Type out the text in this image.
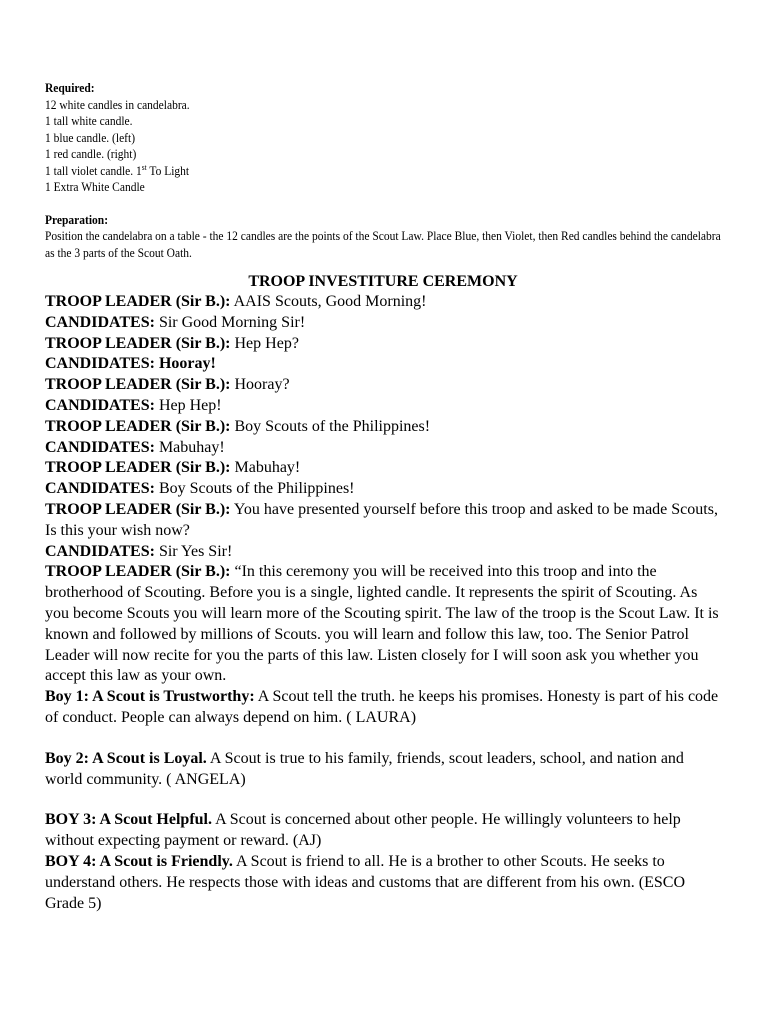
Required:
12 white candles in candelabra.
1 tall white candle.
1 blue candle. (left)
1 red candle. (right)
1 tall violet candle. 1st To Light
1 Extra White Candle
Preparation:
Position the candelabra on a table - the 12 candles are the points of the Scout Law. Place Blue, then Violet, then Red candles behind the candelabra as the 3 parts of the Scout Oath.
TROOP INVESTITURE CEREMONY

TROOP LEADER (Sir B.): AAIS Scouts, Good Morning!

CANDIDATES: Sir Good Morning Sir!

TROOP LEADER (Sir B.): Hep Hep?

CANDIDATES: Hooray!

TROOP LEADER (Sir B.): Hooray?

CANDIDATES: Hep Hep!

TROOP LEADER (Sir B.): Boy Scouts of the Philippines!

CANDIDATES: Mabuhay!

TROOP LEADER (Sir B.): Mabuhay!

CANDIDATES: Boy Scouts of the Philippines!

TROOP LEADER (Sir B.): You have presented yourself before this troop and asked to be made Scouts, Is this your wish now?

CANDIDATES: Sir Yes Sir!

TROOP LEADER (Sir B.): “In this ceremony you will be received into this troop and into the brotherhood of Scouting. Before you is a single, lighted candle. It represents the spirit of Scouting. As you become Scouts you will learn more of the Scouting spirit. The law of the troop is the Scout Law. It is known and followed by millions of Scouts. you will learn and follow this law, too. The Senior Patrol Leader will now recite for you the parts of this law. Listen closely for I will soon ask you whether you accept this law as your own.

Boy 1: A Scout is Trustworthy: A Scout tell the truth. he keeps his promises. Honesty is part of his code of conduct. People can always depend on him. ( LAURA)

Boy 2: A Scout is Loyal. A Scout is true to his family, friends, scout leaders, school, and nation and world community. ( ANGELA)

BOY 3: A Scout Helpful. A Scout is concerned about other people. He willingly volunteers to help without expecting payment or reward. (AJ)

BOY 4: A Scout is Friendly. A Scout is friend to all. He is a brother to other Scouts. He seeks to understand others. He respects those with ideas and customs that are different from his own. (ESCO Grade 5)
